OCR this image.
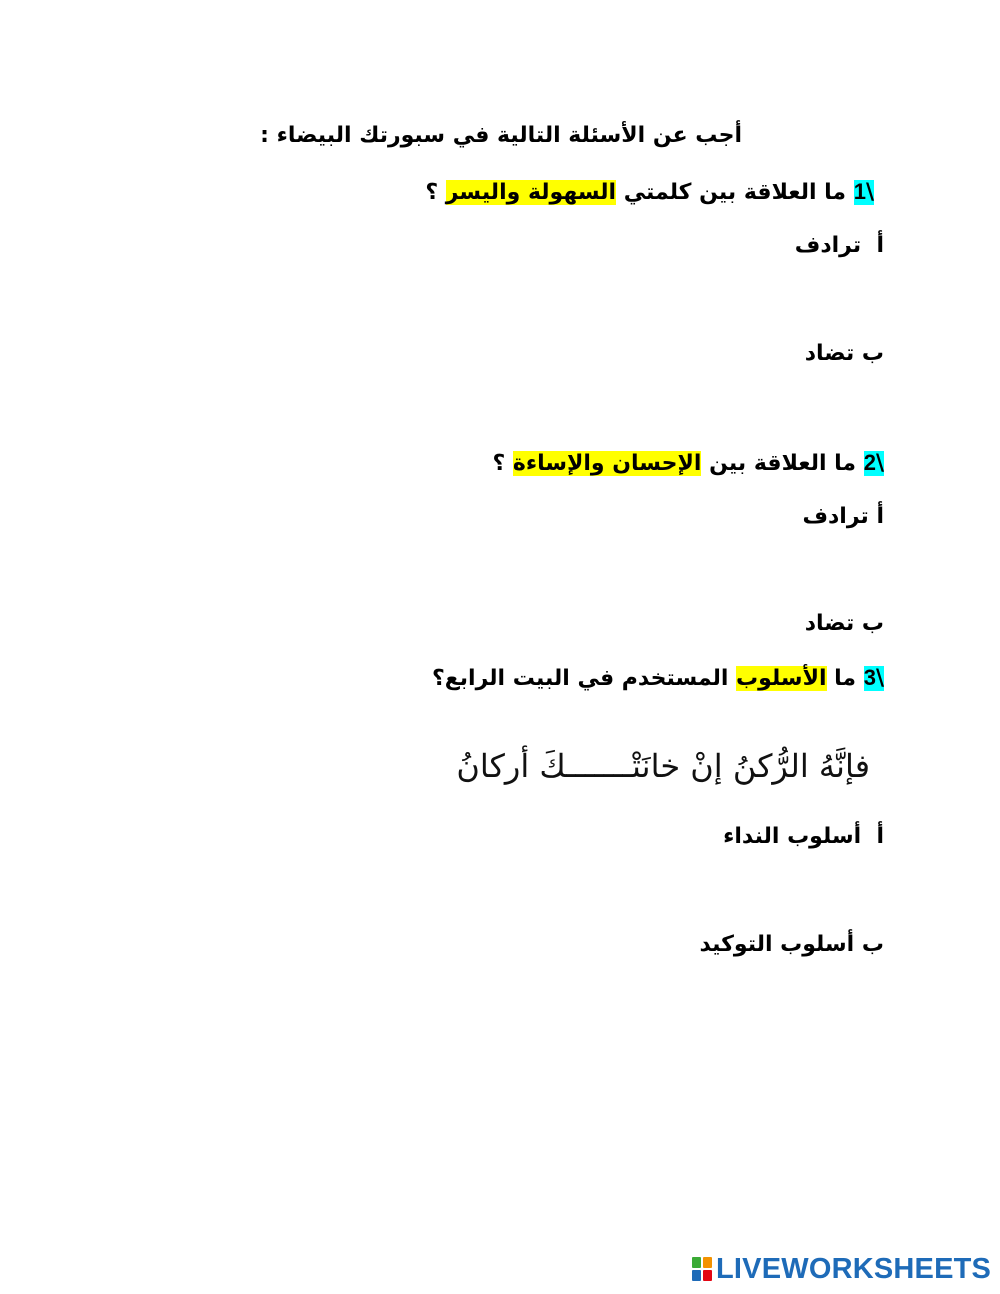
أجب عن الأسئلة التالية في سبورتك البيضاء :
\1 ما العلاقة بين كلمتي السهولة واليسر ؟
أ  ترادف
ب تضاد
\2 ما العلاقة بين الإحسان والإساءة ؟
أ ترادف
ب تضاد
\3 ما الأسلوب المستخدم في البيت الرابع؟
فإنَّهُ الرُّكنُ إنْ خانَتْـــــــكَ أركانُ
أ  أسلوب النداء
ب أسلوب التوكيد
LIVEWORKSHEETS
